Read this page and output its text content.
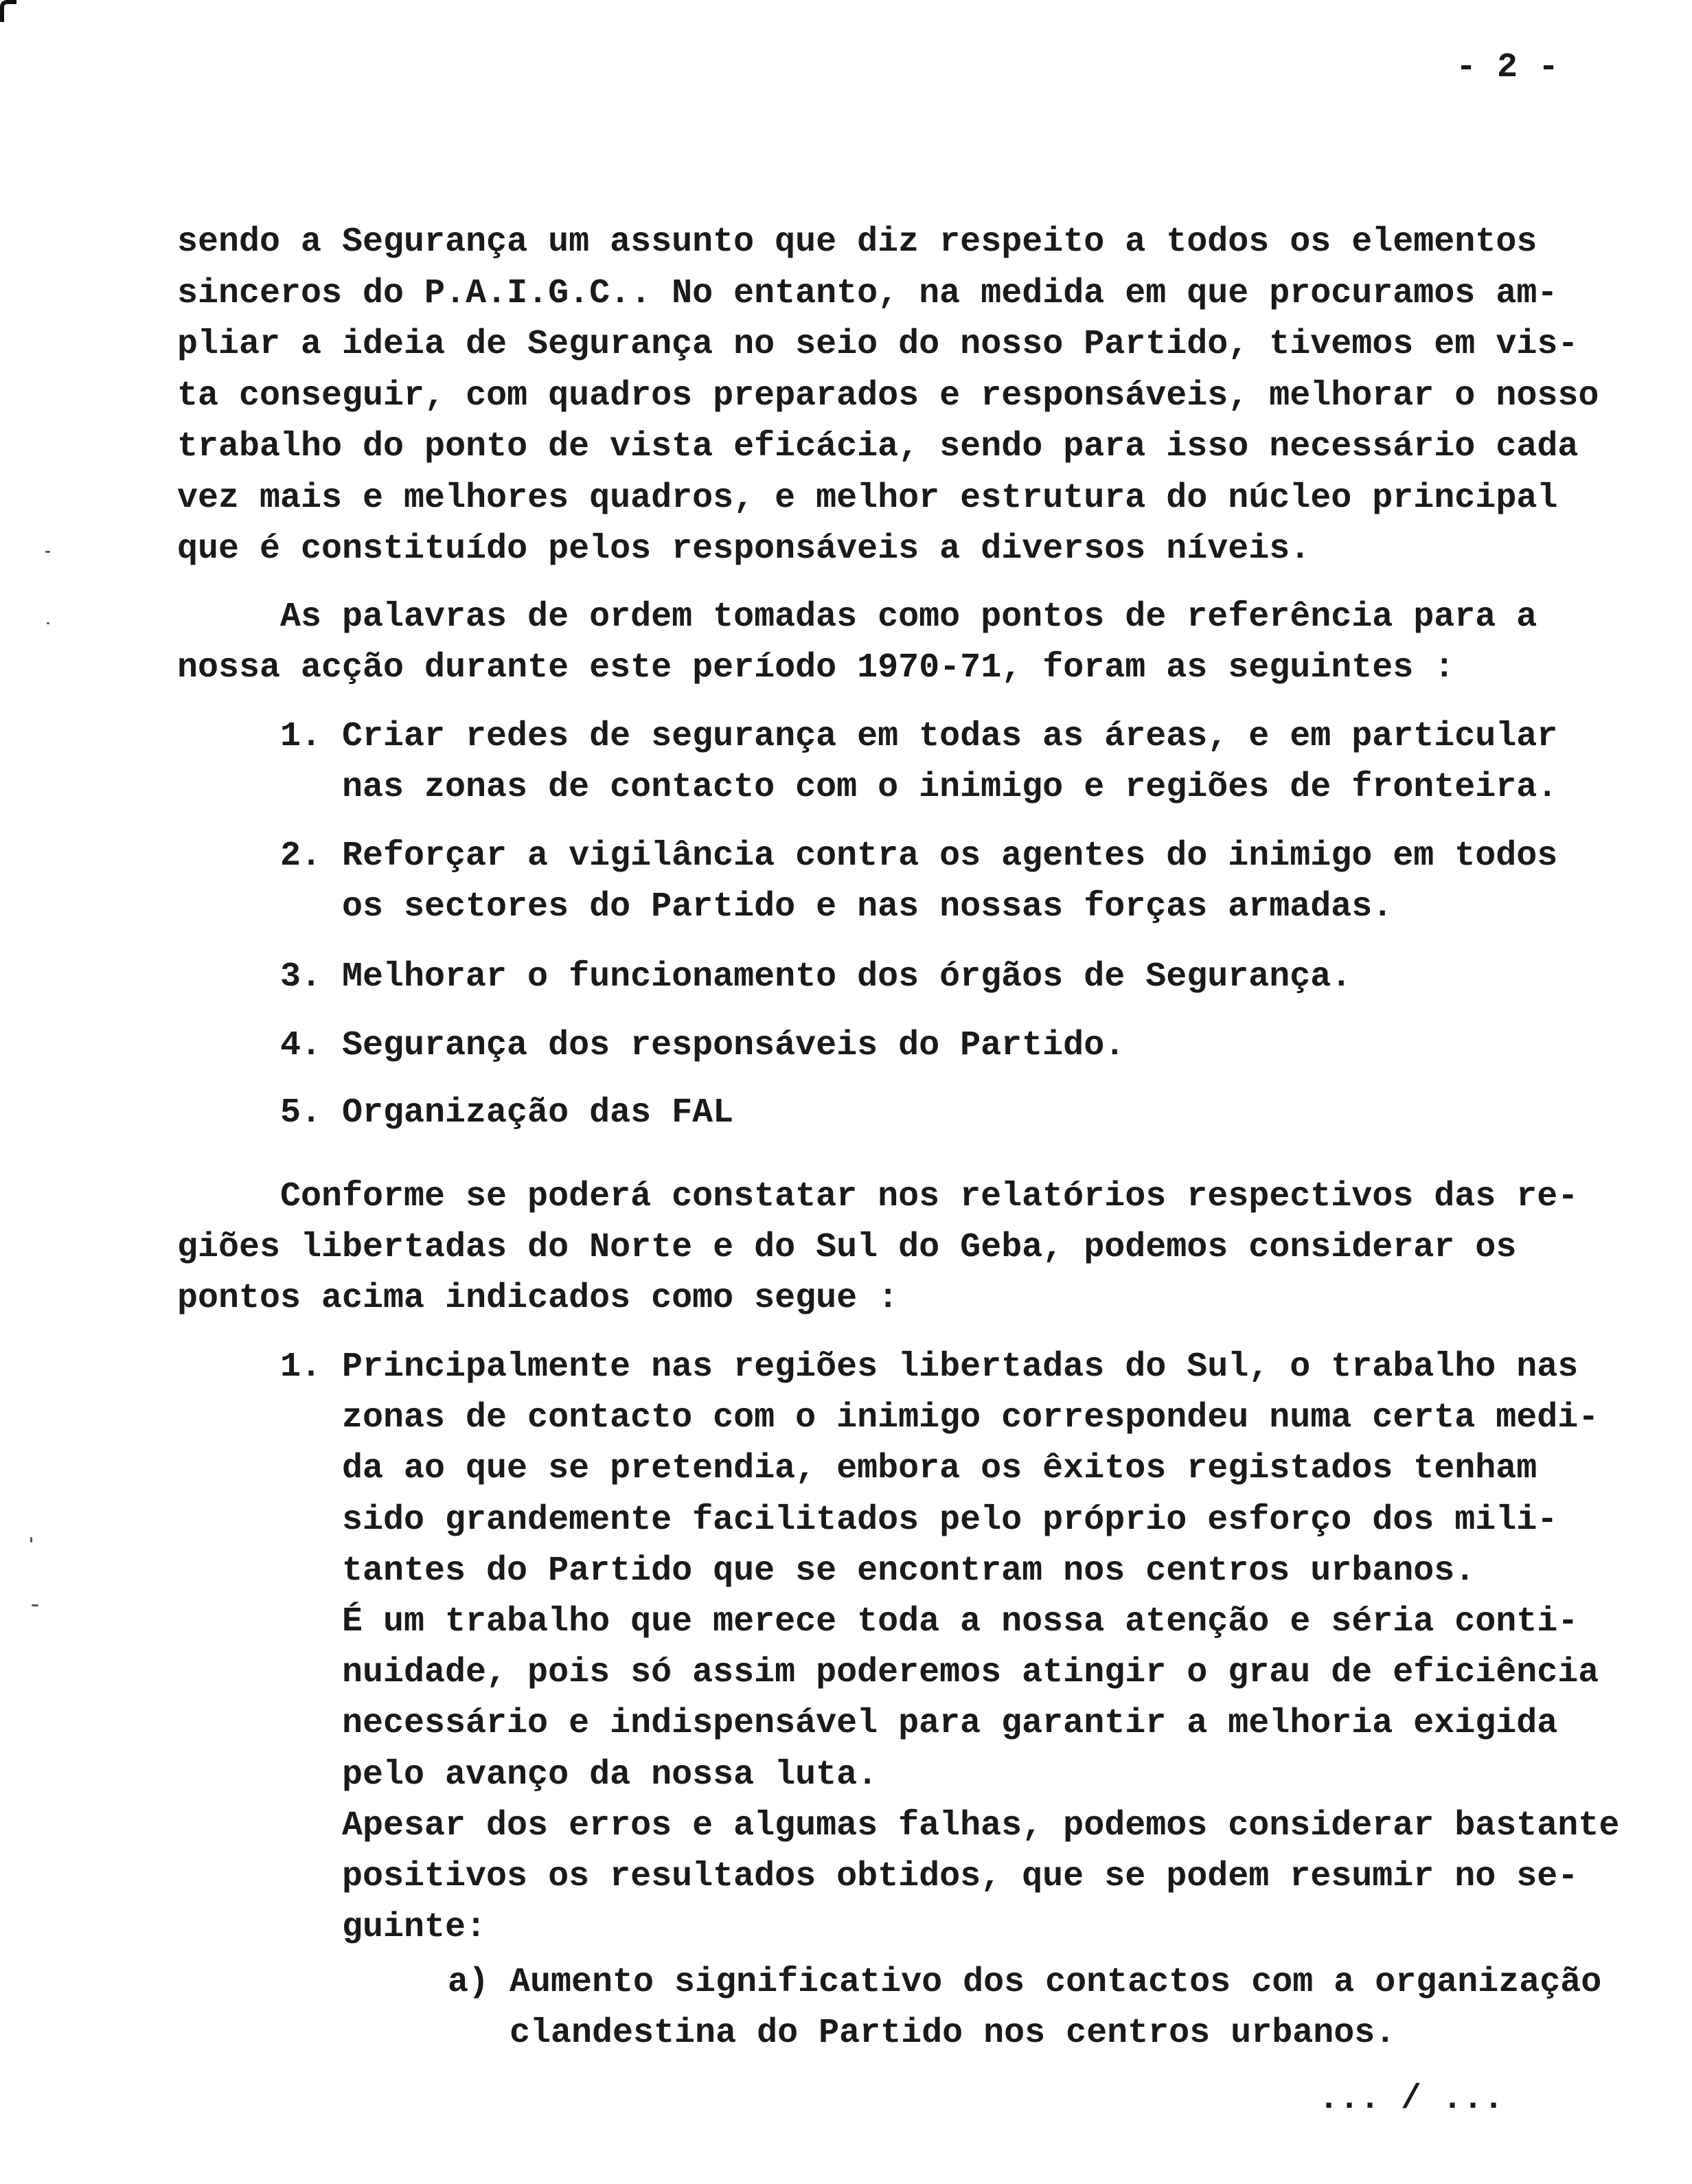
- 2 -
sendo a Segurança um assunto que diz respeito a todos os elementos
sinceros do P.A.I.G.C.. No entanto, na medida em que procuramos am-
pliar a ideia de Segurança no seio do nosso Partido, tivemos em vis-
ta conseguir, com quadros preparados e responsáveis, melhorar o nosso
trabalho do ponto de vista eficácia, sendo para isso necessário cada
vez mais e melhores quadros, e melhor estrutura do núcleo principal
que é constituído pelos responsáveis a diversos níveis.
As palavras de ordem tomadas como pontos de referência para a
nossa acção durante este período 1970-71, foram as seguintes :
1. Criar redes de segurança em todas as áreas, e em particular
nas zonas de contacto com o inimigo e regiões de fronteira.
2. Reforçar a vigilância contra os agentes do inimigo em todos
os sectores do Partido e nas nossas forças armadas.
3. Melhorar o funcionamento dos órgãos de Segurança.
4. Segurança dos responsáveis do Partido.
5. Organização das FAL
Conforme se poderá constatar nos relatórios respectivos das re-
giões libertadas do Norte e do Sul do Geba, podemos considerar os
pontos acima indicados como segue :
1. Principalmente nas regiões libertadas do Sul, o trabalho nas
zonas de contacto com o inimigo correspondeu numa certa medi-
da ao que se pretendia, embora os êxitos registados tenham
sido grandemente facilitados pelo próprio esforço dos mili-
tantes do Partido que se encontram nos centros urbanos.
É um trabalho que merece toda a nossa atenção e séria conti-
nuidade, pois só assim poderemos atingir o grau de eficiência
necessário e indispensável para garantir a melhoria exigida
pelo avanço da nossa luta.
Apesar dos erros e algumas falhas, podemos considerar bastante
positivos os resultados obtidos, que se podem resumir no se-
guinte:
a) Aumento significativo dos contactos com a organização
clandestina do Partido nos centros urbanos.
... / ...
